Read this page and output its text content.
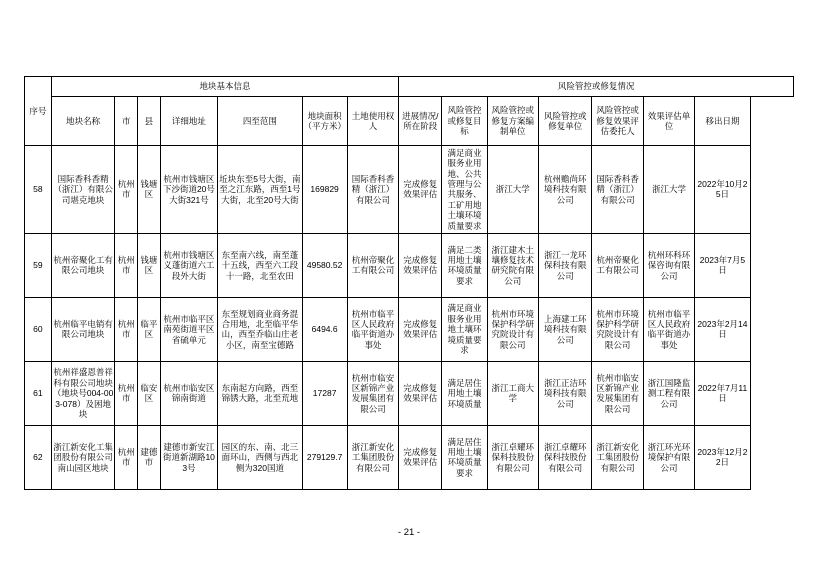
序号	地块基本信息							风险管控或修复情况						
	地块名称	市	县	详细地址	四至范围	地块面积（平方米）	土地使用权人	进展情况/所在阶段	风险管控或修复目标	风险管控或修复方案编制单位	风险管控或修复单位	风险管控或修复效果评估委托人	效果评估单位	移出日期
58	国际香科香精（浙江）有限公司堪克地块	杭州市	钱塘区	杭州市钱塘区下沙街道20号大街321号	坵块东至5号大街，南至之江东路，西至1号大街，北至20号大街	169829	国际香科香精（浙江）有限公司	完成修复效果评估	满足商业服务业用地、公共管理与公共服务、工矿用地土壤环境质量要求	浙江大学	杭州赡尚环境科技有限公司	国际香科香精（浙江）有限公司	浙江大学	2022年10月25日
59	杭州帝聚化工有限公司地块	杭州市	钱塘区	杭州市钱塘区义蓬街道六工段外大街	东至南六线，南至蓬十五线，西至六工段十一路，北至农田	49580.52	杭州帝聚化工有限公司	完成修复效果评估	满足二类用地土壤环境质量要求	浙江建木土壤修复技术研究院有限公司	浙江一龙环保科技有限公司	杭州帝聚化工有限公司	杭州环科环保咨询有限公司	2023年7月5日
60	杭州临平电销有限公司地块	杭州市	临平区	杭州市临平区南苑街道平区省硫单元	东至规划商业商务混合用地，北至临平华山，西至乔临山庄老小区，南至宝德路	6494.6	杭州市临平区人民政府临平街道办事处	完成修复效果评估	满足商业服务业用地土壤环境质量要求	杭州市环境保护科学研究院设计有限公司	上海建工环境科技有限公司	杭州市环境保护科学研究院设计有限公司	杭州市临平区人民政府临平街道办事处	2023年2月14日
61	杭州祥盛恩普祥科有限公司地块（地块号004-003-078）及困地块	杭州市	临安区	杭州市临安区锦南街道	东南起方向路，西至锦锈大路，北至荒地	17287	杭州市临安区新锦产业发展集团有限公司	完成修复效果评估	满足居住用地土壤环境质量	浙江工商大学	浙江正洁环境科技有限公司	杭州市临安区新锦产业发展集团有限公司	浙江国隆监测工程有限公司	2022年7月11日
62	浙江新安化工集团股份有限公司南山园区地块	杭州市	建德市	建德市新安江街道新湖路103号	园区的东、南、北三面环山，西侧与西北侧为320国道	279129.7	浙江新安化工集团股份有限公司	完成修复效果评估	满足居住用地土壤环境质量要求	浙江卓耀环保科技股份有限公司	浙江卓耀环保科技股份有限公司	浙江新安化工集团股份有限公司	浙江环光环境保护有限公司	2023年12月22日
- 21 -
